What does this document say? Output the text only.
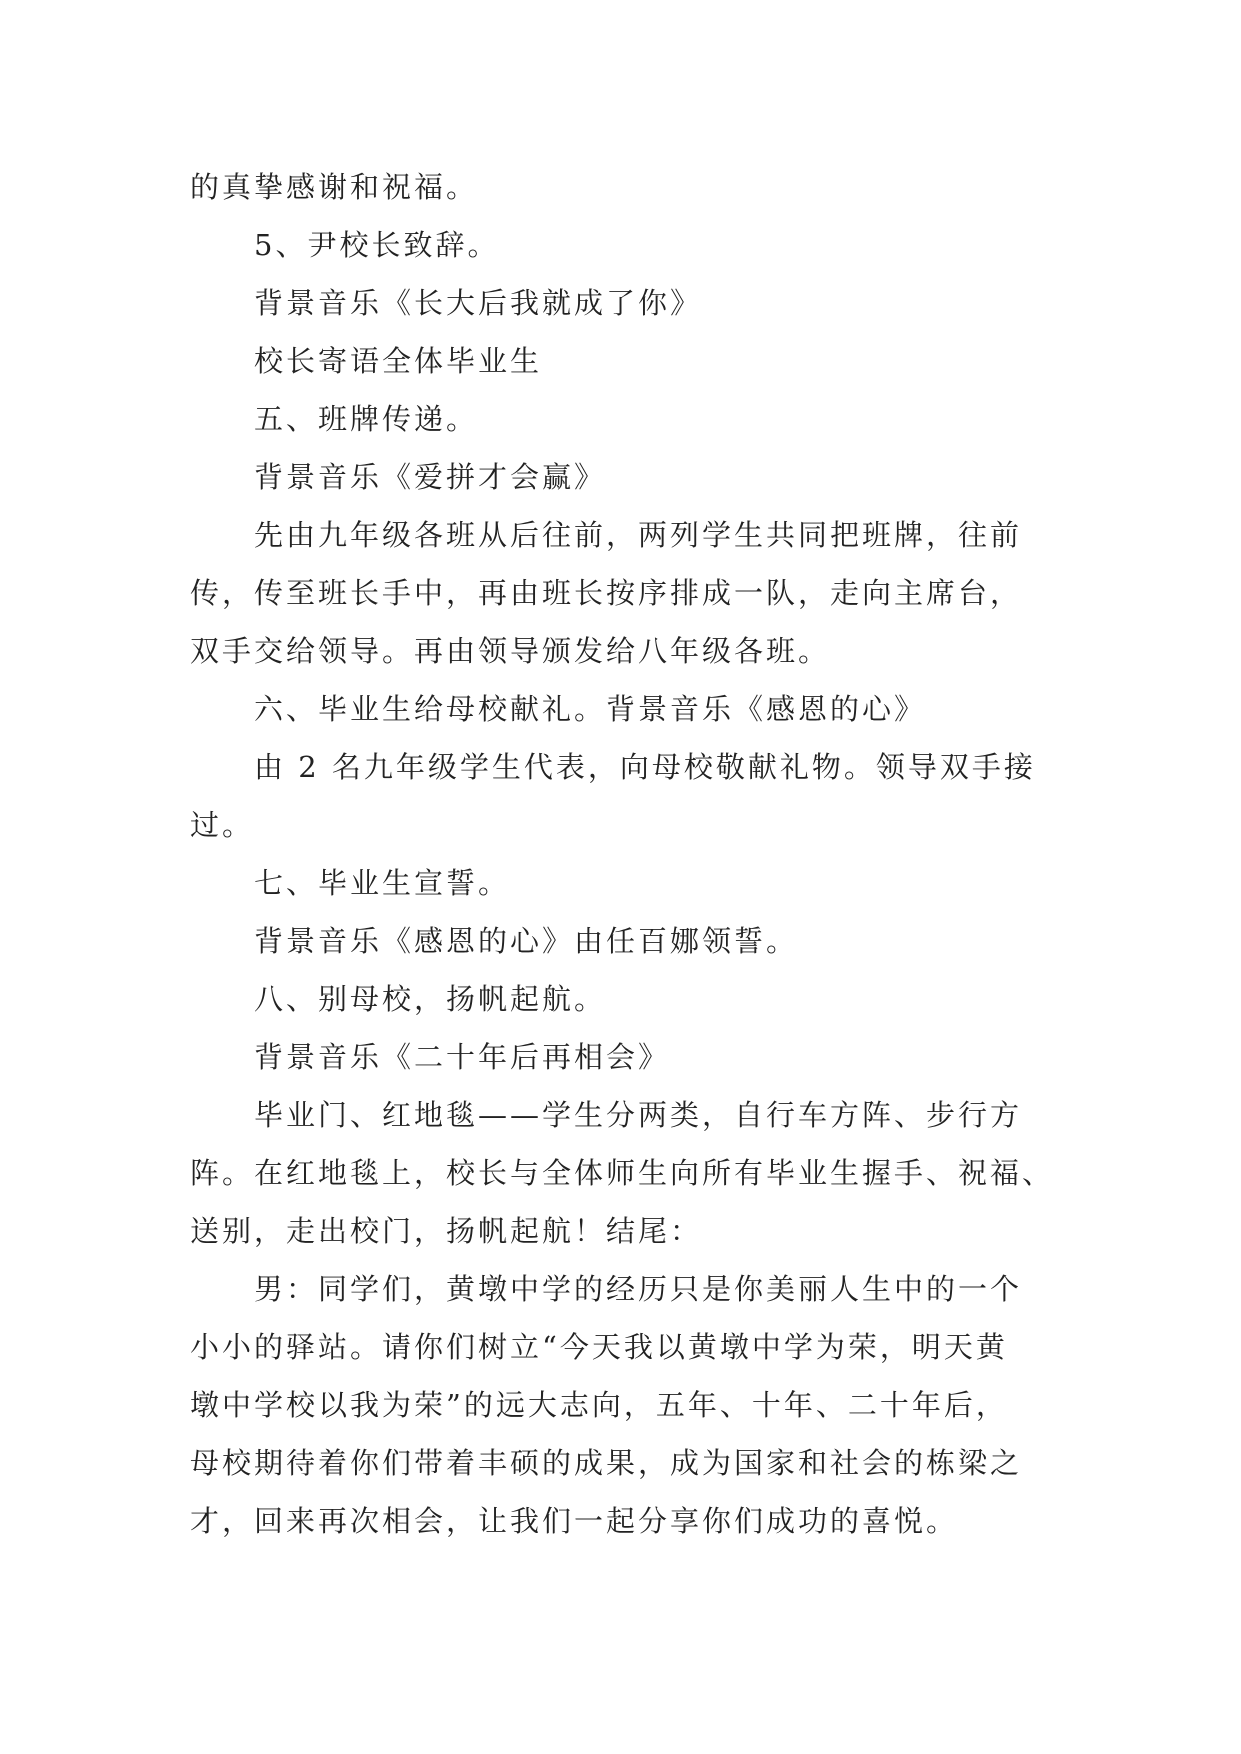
的真挚感谢和祝福。

5、尹校长致辞。

背景音乐《长大后我就成了你》

校长寄语全体毕业生

五、班牌传递。

背景音乐《爱拼才会赢》

先由九年级各班从后往前，两列学生共同把班牌，往前
传，传至班长手中，再由班长按序排成一队，走向主席台，
双手交给领导。再由领导颁发给八年级各班。

六、毕业生给母校献礼。背景音乐《感恩的心》

由 2 名九年级学生代表，向母校敬献礼物。领导双手接
过。

七、毕业生宣誓。

背景音乐《感恩的心》由任百娜领誓。

八、别母校，扬帆起航。

背景音乐《二十年后再相会》

毕业门、红地毯——学生分两类，自行车方阵、步行方
阵。在红地毯上，校长与全体师生向所有毕业生握手、祝福、
送别，走出校门，扬帆起航！结尾：

男：同学们，黄墩中学的经历只是你美丽人生中的一个
小小的驿站。请你们树立“今天我以黄墩中学为荣，明天黄
墩中学校以我为荣”的远大志向，五年、十年、二十年后，
母校期待着你们带着丰硕的成果，成为国家和社会的栋梁之
才，回来再次相会，让我们一起分享你们成功的喜悦。
